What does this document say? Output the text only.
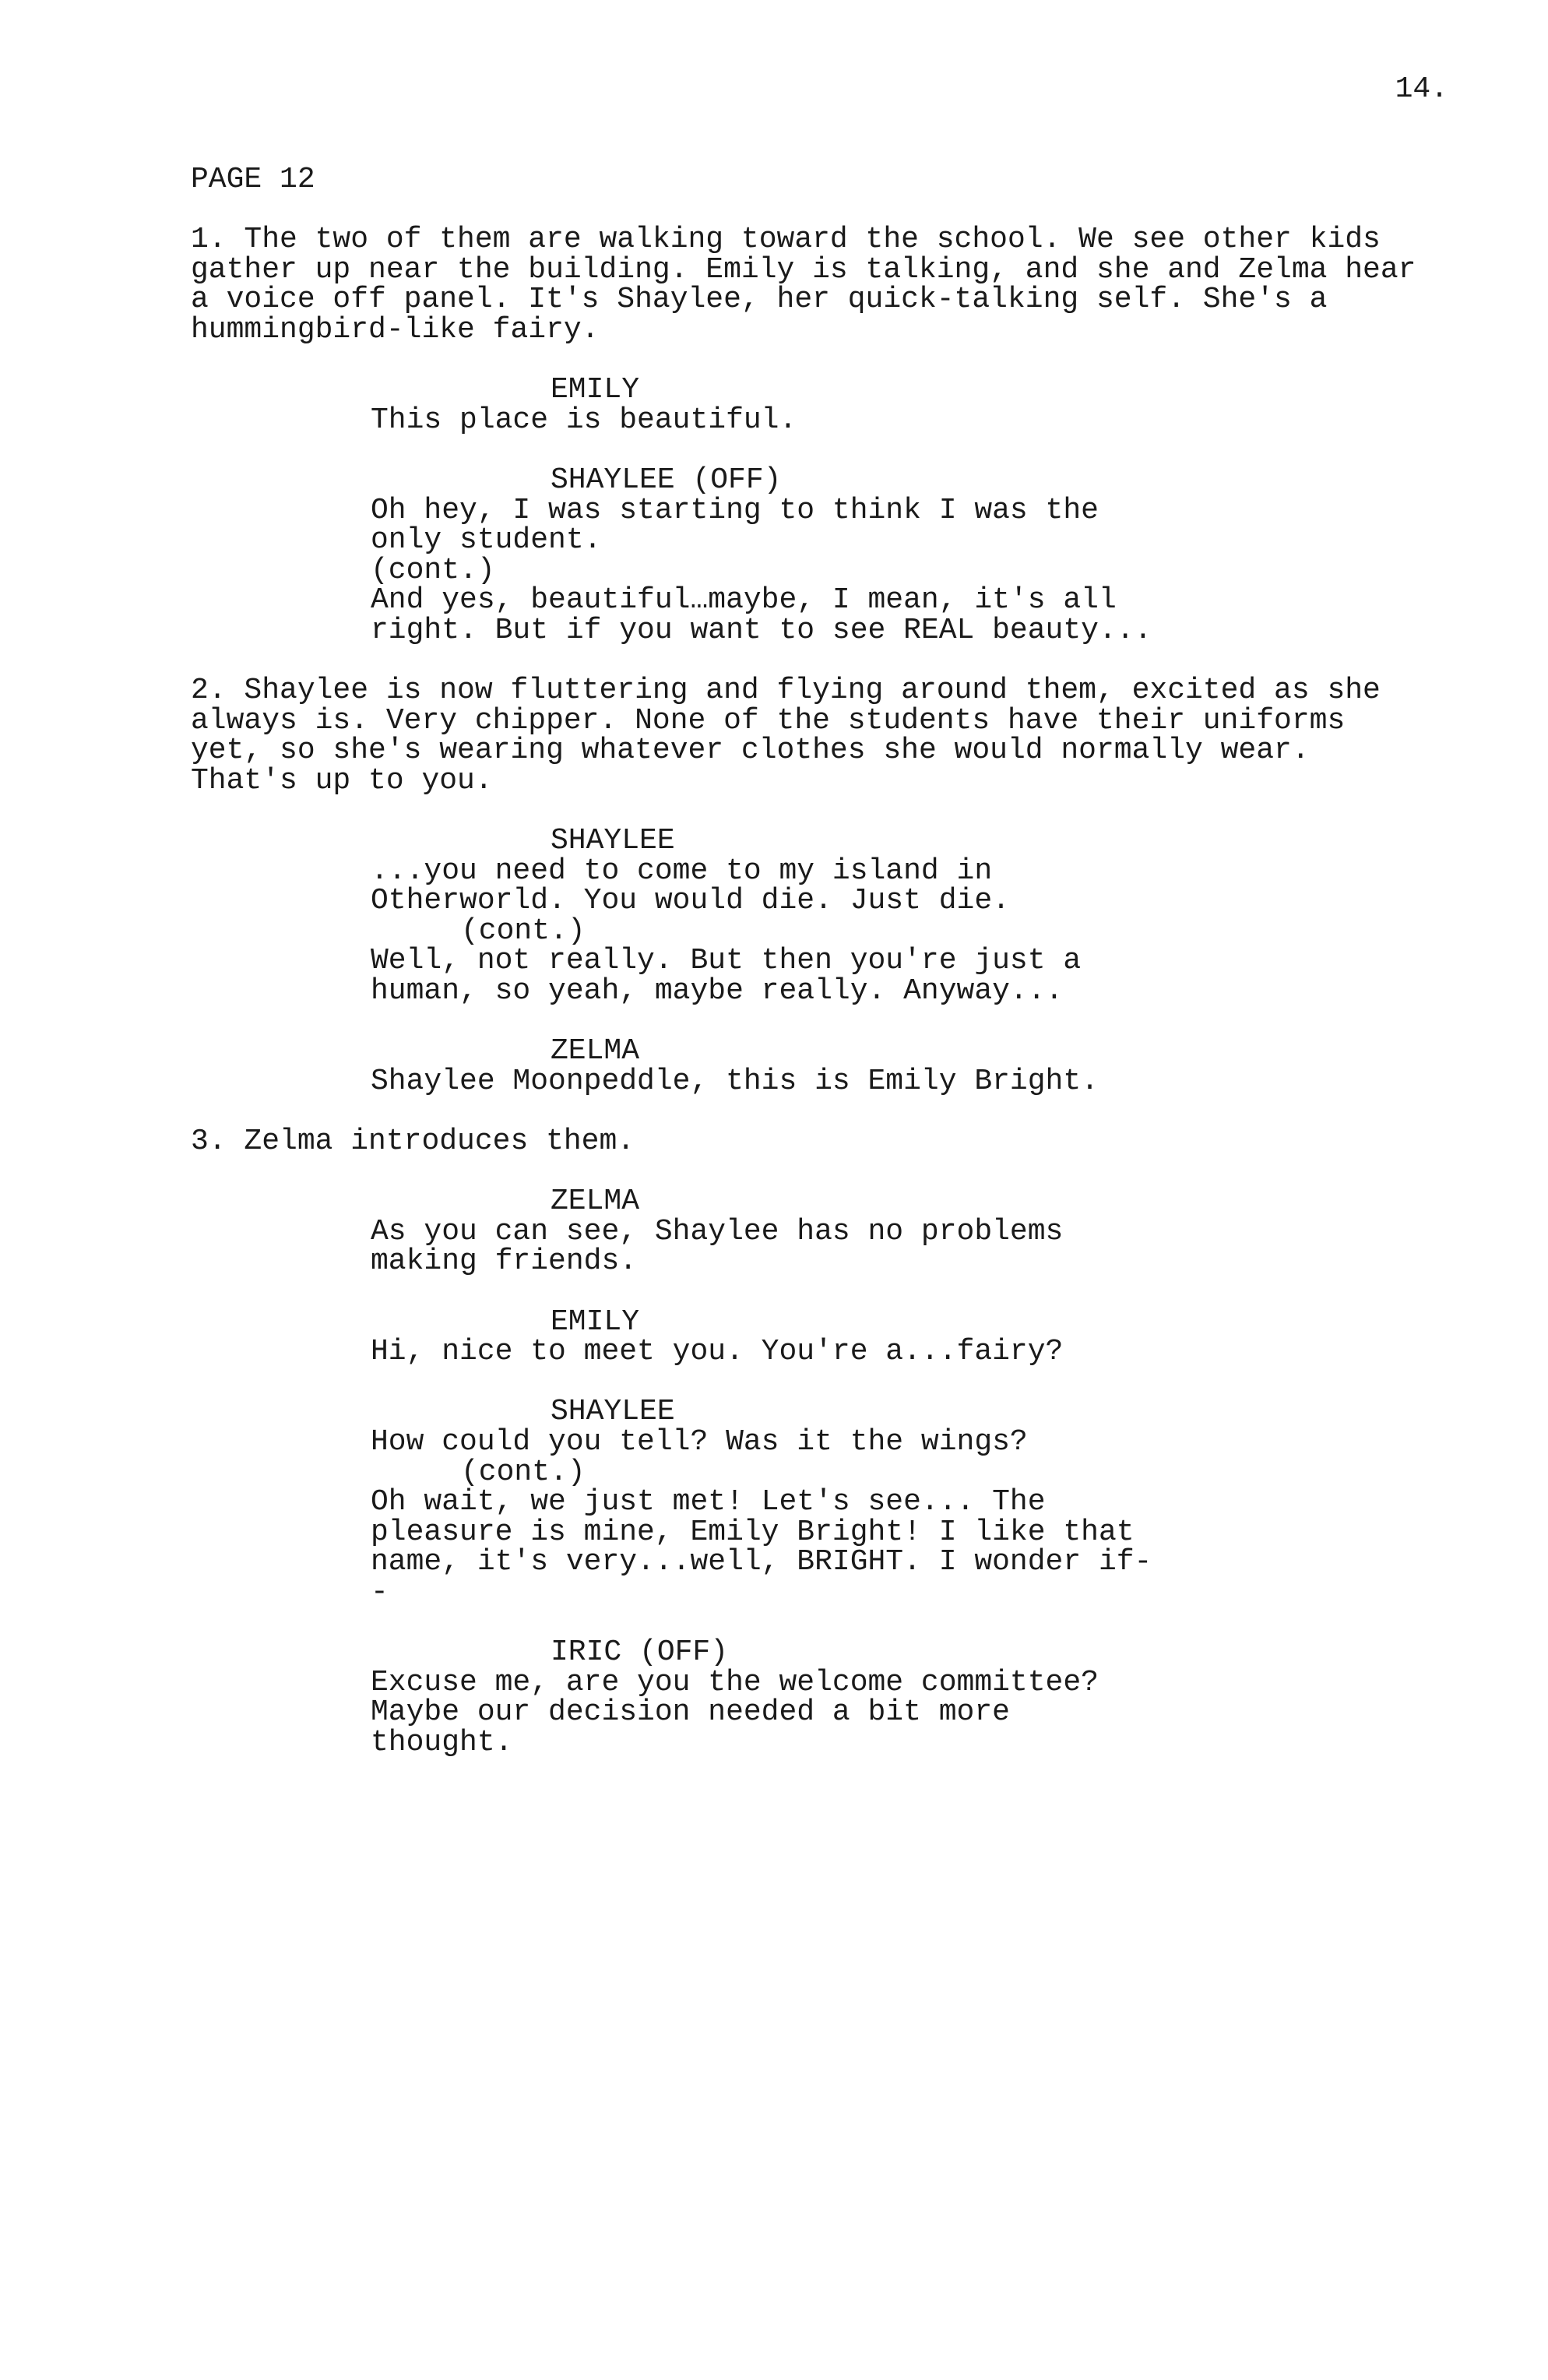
14.
PAGE 12
1. The two of them are walking toward the school. We see other kids
gather up near the building. Emily is talking, and she and Zelma hear
a voice off panel. It's Shaylee, her quick-talking self. She's a
hummingbird-like fairy.
EMILY
This place is beautiful.
SHAYLEE (OFF)
Oh hey, I was starting to think I was the
only student.
(cont.)
And yes, beautiful…maybe, I mean, it's all
right. But if you want to see REAL beauty...
2. Shaylee is now fluttering and flying around them, excited as she
always is. Very chipper. None of the students have their uniforms
yet, so she's wearing whatever clothes she would normally wear.
That's up to you.
SHAYLEE
...you need to come to my island in
Otherworld. You would die. Just die.
(cont.)
Well, not really. But then you're just a
human, so yeah, maybe really. Anyway...
ZELMA
Shaylee Moonpeddle, this is Emily Bright.
3. Zelma introduces them.
ZELMA
As you can see, Shaylee has no problems
making friends.
EMILY
Hi, nice to meet you. You're a...fairy?
SHAYLEE
How could you tell? Was it the wings?
(cont.)
Oh wait, we just met! Let's see... The
pleasure is mine, Emily Bright! I like that
name, it's very...well, BRIGHT. I wonder if-
-
IRIC (OFF)
Excuse me, are you the welcome committee?
Maybe our decision needed a bit more
thought.
